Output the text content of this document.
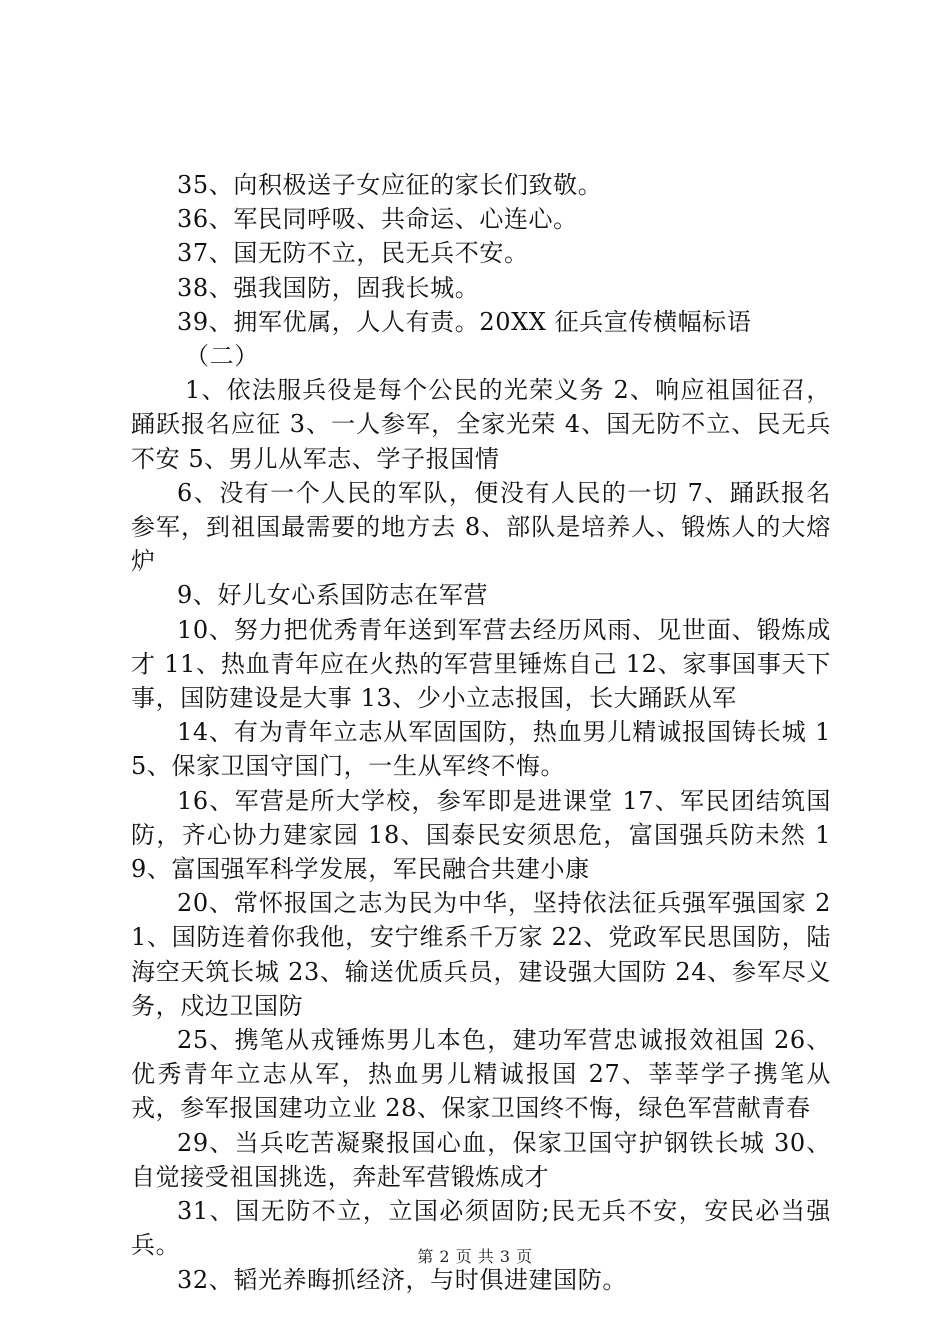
35、向积极送子女应征的家长们致敬。

36、军民同呼吸、共命运、心连心。

37、国无防不立，民无兵不安。

38、强我国防，固我长城。

39、拥军优属，人人有责。20XX 征兵宣传横幅标语

（二）

1、依法服兵役是每个公民的光荣义务 2、响应祖国征召，踊跃报名应征 3、一人参军，全家光荣 4、国无防不立、民无兵不安 5、男儿从军志、学子报国情

6、没有一个人民的军队，便没有人民的一切 7、踊跃报名参军，到祖国最需要的地方去 8、部队是培养人、锻炼人的大熔炉

9、好儿女心系国防志在军营

10、努力把优秀青年送到军营去经历风雨、见世面、锻炼成才 11、热血青年应在火热的军营里锤炼自己 12、家事国事天下事，国防建设是大事 13、少小立志报国，长大踊跃从军

14、有为青年立志从军固国防，热血男儿精诚报国铸长城 15、保家卫国守国门，一生从军终不悔。

16、军营是所大学校，参军即是进课堂 17、军民团结筑国防，齐心协力建家园 18、国泰民安须思危，富国强兵防未然 19、富国强军科学发展，军民融合共建小康

20、常怀报国之志为民为中华，坚持依法征兵强军强国家 21、国防连着你我他，安宁维系千万家 22、党政军民思国防，陆海空天筑长城 23、输送优质兵员，建设强大国防 24、参军尽义务，戍边卫国防

25、携笔从戎锤炼男儿本色，建功军营忠诚报效祖国 26、优秀青年立志从军，热血男儿精诚报国 27、莘莘学子携笔从戎，参军报国建功立业 28、保家卫国终不悔，绿色军营献青春

29、当兵吃苦凝聚报国心血，保家卫国守护钢铁长城 30、自觉接受祖国挑选，奔赴军营锻炼成才

31、国无防不立，立国必须固防;民无兵不安，安民必当强兵。

32、韬光养晦抓经济，与时俱进建国防。

第 2 页 共 3 页
